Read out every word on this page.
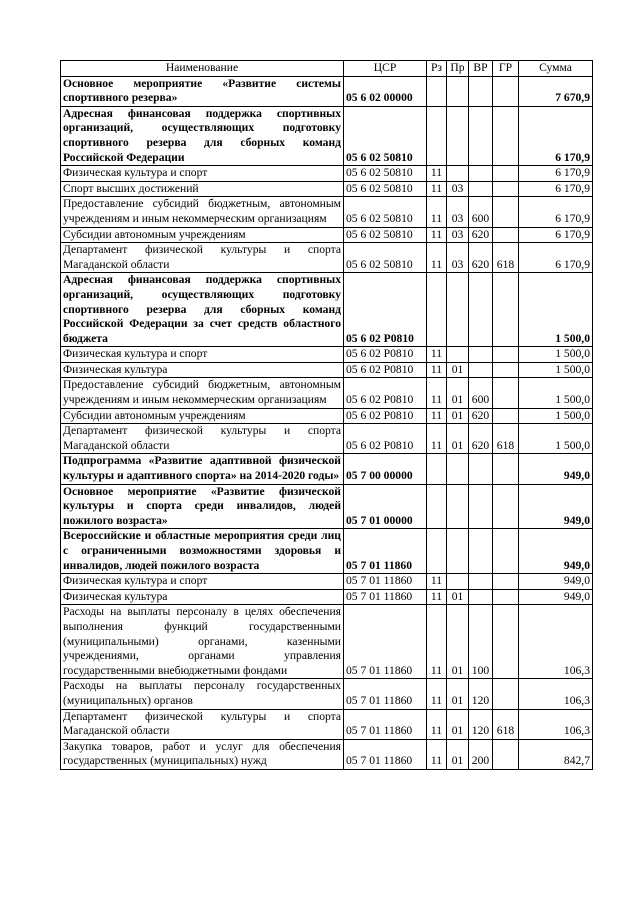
Наименование	ЦСР	Рз	Пр	ВР	ГР	Сумма

Основное мероприятие «Развитие системы спортивного резерва»	05 6 02 00000					7 670,9

Адресная финансовая поддержка спортивных организаций, осуществляющих подготовку спортивного резерва для сборных команд Российской Федерации	05 6 02 50810					6 170,9

Физическая культура и спорт	05 6 02 50810	11				6 170,9

Спорт высших достижений	05 6 02 50810	11	03			6 170,9

Предоставление субсидий бюджетным, автономным учреждениям и иным некоммерческим организациям	05 6 02 50810	11	03	600		6 170,9

Субсидии автономным учреждениям	05 6 02 50810	11	03	620		6 170,9

Департамент физической культуры и спорта Магаданской области	05 6 02 50810	11	03	620	618	6 170,9

Адресная финансовая поддержка спортивных организаций, осуществляющих подготовку спортивного резерва для сборных команд Российской Федерации за счет средств областного бюджета	05 6 02 Р0810					1 500,0

Физическая культура и спорт	05 6 02 Р0810	11				1 500,0

Физическая культура	05 6 02 Р0810	11	01			1 500,0

Предоставление субсидий бюджетным, автономным учреждениям и иным некоммерческим организациям	05 6 02 Р0810	11	01	600		1 500,0

Субсидии автономным учреждениям	05 6 02 Р0810	11	01	620		1 500,0

Департамент физической культуры и спорта Магаданской области	05 6 02 Р0810	11	01	620	618	1 500,0

Подпрограмма «Развитие адаптивной физической культуры и адаптивного спорта» на 2014-2020 годы»	05 7 00 00000					949,0

Основное мероприятие «Развитие физической культуры и спорта среди инвалидов, людей пожилого возраста»	05 7 01 00000					949,0

Всероссийские и областные мероприятия среди лиц с ограниченными возможностями здоровья и инвалидов, людей пожилого возраста	05 7 01 11860					949,0

Физическая культура и спорт	05 7 01 11860	11				949,0

Физическая культура	05 7 01 11860	11	01			949,0

Расходы на выплаты персоналу в целях обеспечения выполнения функций государственными (муниципальными) органами, казенными учреждениями, органами управления государственными внебюджетными фондами	05 7 01 11860	11	01	100		106,3

Расходы на выплаты персоналу государственных (муниципальных) органов	05 7 01 11860	11	01	120		106,3

Департамент физической культуры и спорта Магаданской области	05 7 01 11860	11	01	120	618	106,3

Закупка товаров, работ и услуг для обеспечения государственных (муниципальных) нужд	05 7 01 11860	11	01	200		842,7
